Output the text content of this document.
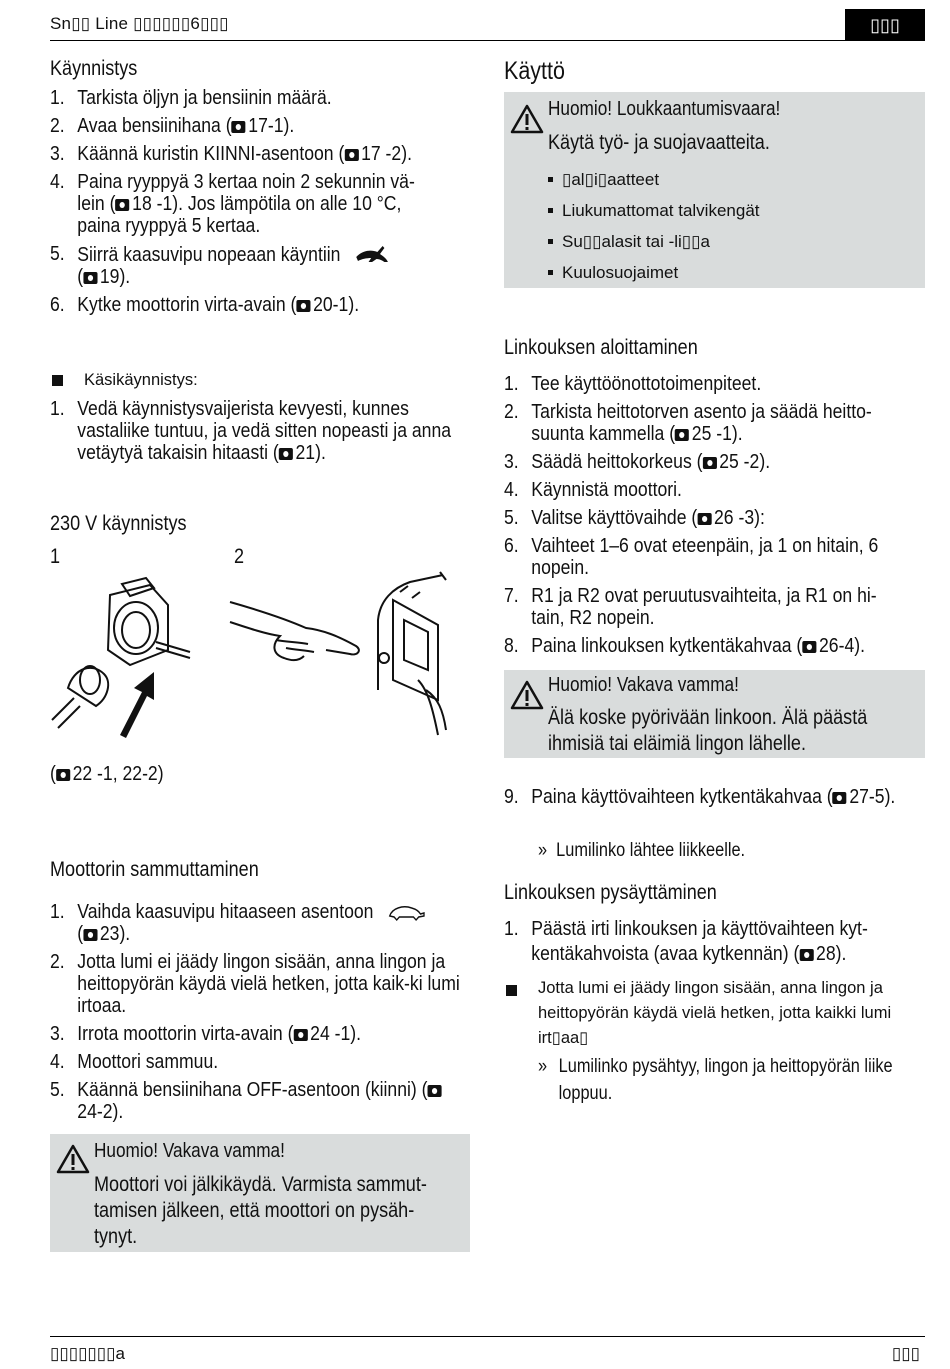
Sn▯▯ Line ▯▯▯▯▯▯6▯▯▯	▯▯▯
Käynnistys
1. Tarkista öljyn ja bensiinin määrä.
2. Avaa bensiinihana ( 17-1).
3. Käännä kuristin KIINNI-asentoon ( 17 -2).
4. Paina ryyppyä 3 kertaa noin 2 sekunnin vä-lein ( 18 -1). Jos lämpötila on alle 10 °C, paina ryyppyä 5 kertaa.
5. Siirrä kaasuvipu nopeaan käyntiin
( 19).
6. Kytke moottorin virta-avain ( 20-1).
Käsikäynnistys:
1. Vedä käynnistysvaijerista kevyesti, kunnes vastaliike tuntuu, ja vedä sitten nopeasti ja anna vetäytyä takaisin hitaasti ( 21).
230 V käynnistys
1	2
( 22 -1, 22-2)
Moottorin sammuttaminen
1. Vaihda kaasuvipu hitaaseen asentoon
( 23).
2. Jotta lumi ei jäädy lingon sisään, anna lingon ja heittopyörän käydä vielä hetken, jotta kaik-ki lumi irtoaa.
3. Irrota moottorin virta-avain ( 24 -1).
4. Moottori sammuu.
5. Käännä bensiinihana OFF-asentoon (kiinni) (24-2).
Huomio! Vakava vamma!
Moottori voi jälkikäydä. Varmista sammut-tamisen jälkeen, että moottori on pysäh-tynyt.
Käyttö
Huomio! Loukkaantumisvaara!
Käytä työ- ja suojavaatteita.
▯al▯i▯aatteet
Liukumattomat talvikengät
Su▯▯alasit tai -li▯▯a
Kuulosuojaimet
Linkouksen aloittaminen
1. Tee käyttöönottotoimenpiteet.
2. Tarkista heittotorven asento ja säädä heitto-suunta kammella ( 25 -1).
3. Säädä heittokorkeus ( 25 -2).
4. Käynnistä moottori.
5. Valitse käyttövaihde ( 26 -3):
6. Vaihteet 1–6 ovat eteenpäin, ja 1 on hitain, 6 nopein.
7. R1 ja R2 ovat peruutusvaihteita, ja R1 on hi-tain, R2 nopein.
8. Paina linkouksen kytkentäkahvaa ( 26-4).
Huomio! Vakava vamma!
Älä koske pyörivään linkoon. Älä päästä ihmisiä tai eläimiä lingon lähelle.
9. Paina käyttövaihteen kytkentäkahvaa ( 27-5).
» Lumilinko lähtee liikkeelle.
Linkouksen pysäyttäminen
1. Päästä irti linkouksen ja käyttövaihteen kyt-kentäkahvoista (avaa kytkennän) ( 28).
Jotta lumi ei jäädy lingon sisään, anna lingon ja heittopyörän käydä vielä hetken, jotta kaikki lumi irt▯aa▯
» Lumilinko pysähtyy, lingon ja heittopyörän liike loppuu.
▯▯▯▯▯▯▯a	▯▯▯
